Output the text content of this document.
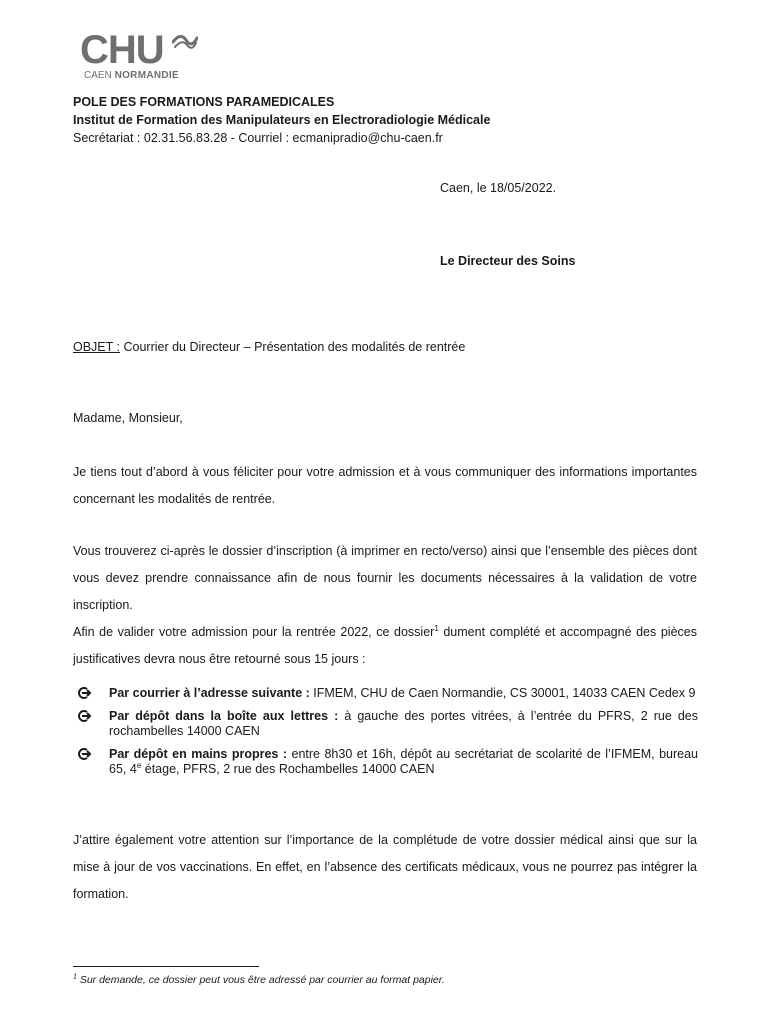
CHU
CAEN NORMANDIE
POLE DES FORMATIONS PARAMEDICALES
Institut de Formation des Manipulateurs en Electroradiologie Médicale
Secrétariat : 02.31.56.83.28 - Courriel : ecmanipradio@chu-caen.fr
Caen, le 18/05/2022.
Le Directeur des Soins
OBJET : Courrier du Directeur – Présentation des modalités de rentrée
Madame, Monsieur,
Je tiens tout d’abord à vous féliciter pour votre admission et à vous communiquer des informations importantes concernant les modalités de rentrée.
Vous trouverez ci-après le dossier d’inscription (à imprimer en recto/verso) ainsi que l’ensemble des pièces dont vous devez prendre connaissance afin de nous fournir les documents nécessaires à la validation de votre inscription.
Afin de valider votre admission pour la rentrée 2022, ce dossier$^1$ dument complété et accompagné des pièces justificatives devra nous être retourné sous 15 jours :
Par courrier à l’adresse suivante : IFMEM, CHU de Caen Normandie, CS 30001, 14033 CAEN Cedex 9
Par dépôt dans la boîte aux lettres : à gauche des portes vitrées, à l’entrée du PFRS, 2 rue des rochambelles 14000 CAEN
Par dépôt en mains propres : entre 8h30 et 16h, dépôt au secrétariat de scolarité de l’IFMEM, bureau 65, 4e étage, PFRS, 2 rue des Rochambelles 14000 CAEN
J’attire également votre attention sur l’importance de la complétude de votre dossier médical ainsi que sur la mise à jour de vos vaccinations. En effet, en l’absence des certificats médicaux, vous ne pourrez pas intégrer la formation.
$^1$ Sur demande, ce dossier peut vous être adressé par courrier au format papier.
